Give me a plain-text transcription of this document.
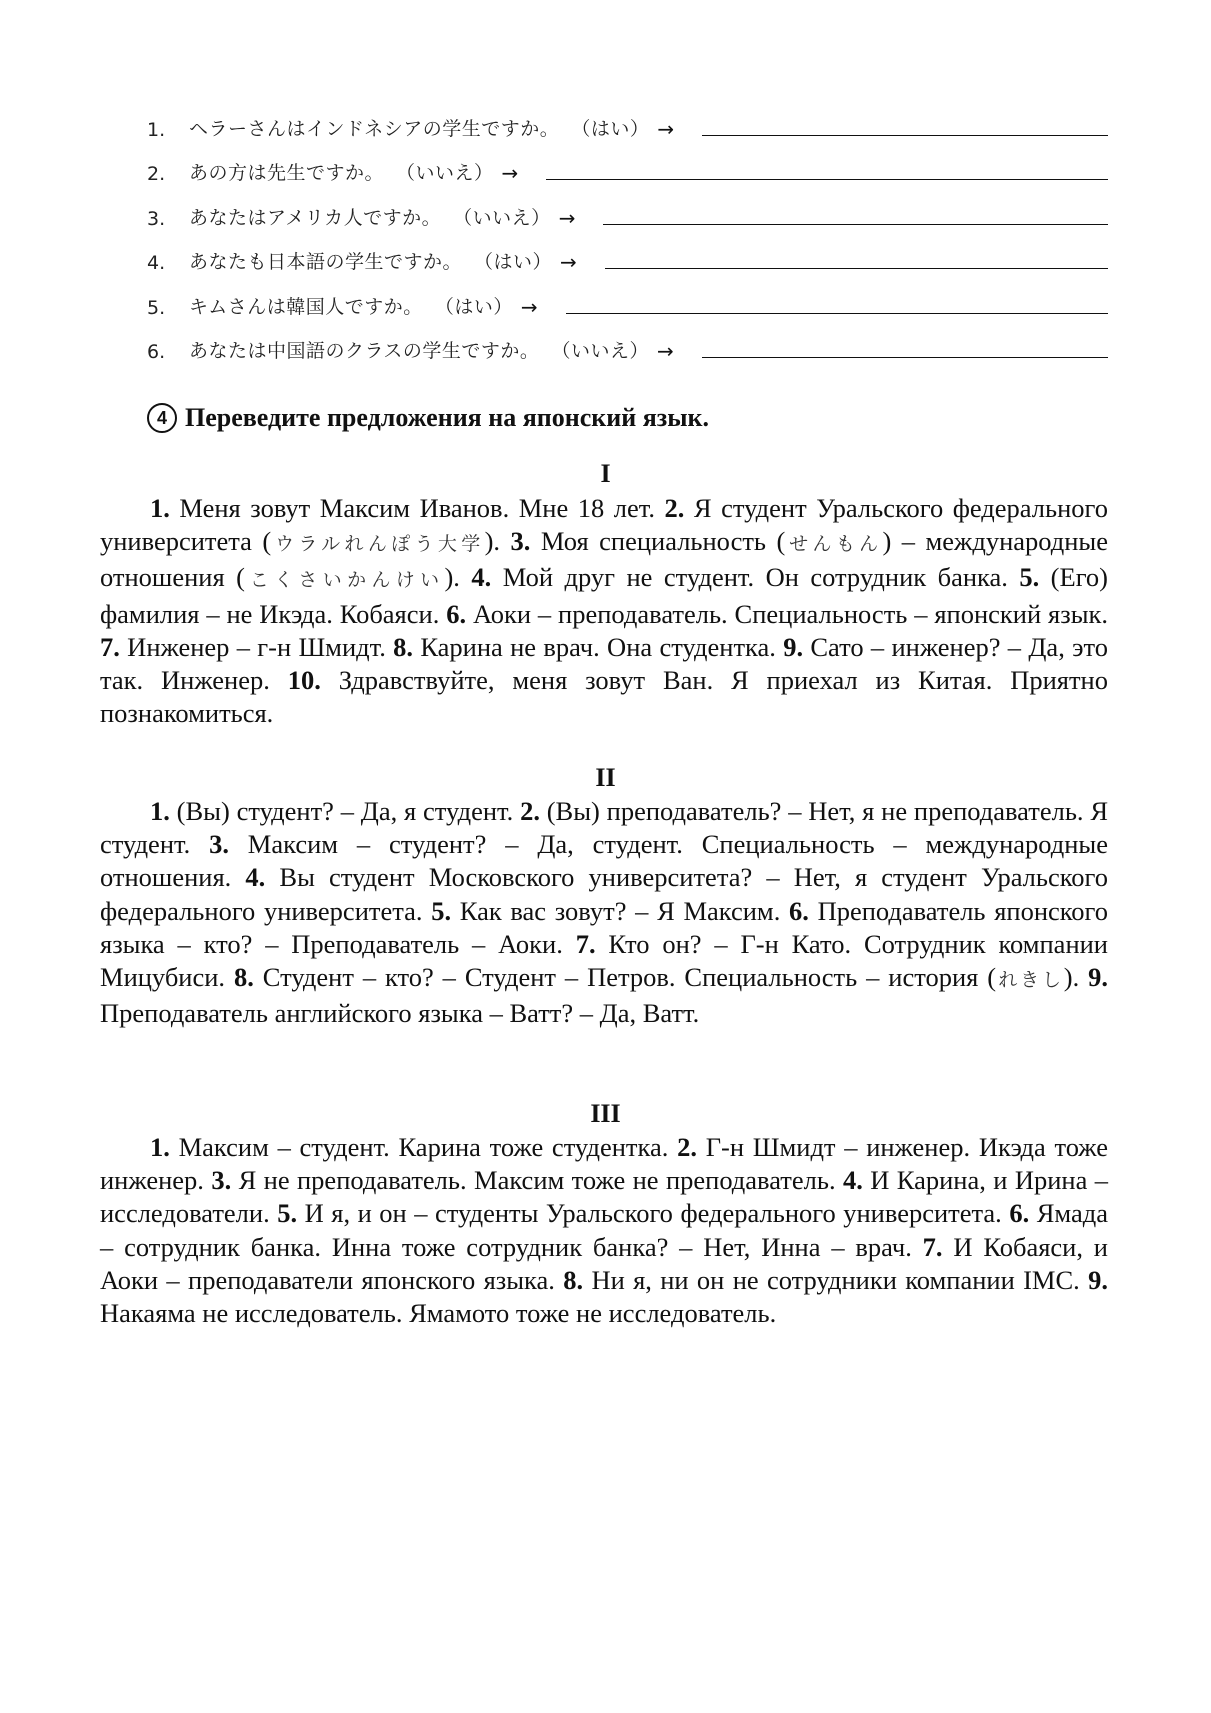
1.	ヘラーさんはインドネシアの学生ですか。 （はい） →
2.	あの方は先生ですか。 （いいえ） →
3.	あなたはアメリカ人ですか。 （いいえ） →
4.	あなたも日本語の学生ですか。 （はい） →
5.	キムさんは韓国人ですか。 （はい） →
6.	あなたは中国語のクラスの学生ですか。 （いいえ） →
4 Переведите предложения на японский язык.
I

1. Меня зовут Максим Иванов. Мне 18 лет. 2. Я студент Уральского федерального университета (ウラルれんぽう大学). 3. Моя специальность (せんもん) – международные отношения (こくさいかんけい). 4. Мой друг не студент. Он сотрудник банка. 5. (Его) фамилия – не Икэда. Кобаяси. 6. Аоки – преподаватель. Специальность – японский язык. 7. Инженер – г-н Шмидт. 8. Карина не врач. Она студентка. 9. Сато – инженер? – Да, это так. Инженер. 10. Здравствуйте, меня зовут Ван. Я приехал из Китая. Приятно познакомиться.

II

1. (Вы) студент? – Да, я студент. 2. (Вы) преподаватель? – Нет, я не преподаватель. Я студент. 3. Максим – студент? – Да, студент. Специальность – международные отношения. 4. Вы студент Московского университета? – Нет, я студент Уральского федерального университета. 5. Как вас зовут? – Я Максим. 6. Преподаватель японского языка – кто? – Преподаватель – Аоки. 7. Кто он? – Г-н Като. Сотрудник компании Мицубиси. 8. Студент – кто? – Студент – Петров. Специальность – история (れきし). 9. Преподаватель английского языка – Ватт? – Да, Ватт.

III

1. Максим – студент. Карина тоже студентка. 2. Г-н Шмидт – инженер. Икэда тоже инженер. 3. Я не преподаватель. Максим тоже не преподаватель. 4. И Карина, и Ирина – исследователи. 5. И я, и он – студенты Уральского федерального университета. 6. Ямада – сотрудник банка. Инна тоже сотрудник банка? – Нет, Инна – врач. 7. И Кобаяси, и Аоки – преподаватели японского языка. 8. Ни я, ни он не сотрудники компании IMC. 9. Накаяма не исследователь. Ямамото тоже не исследователь.
